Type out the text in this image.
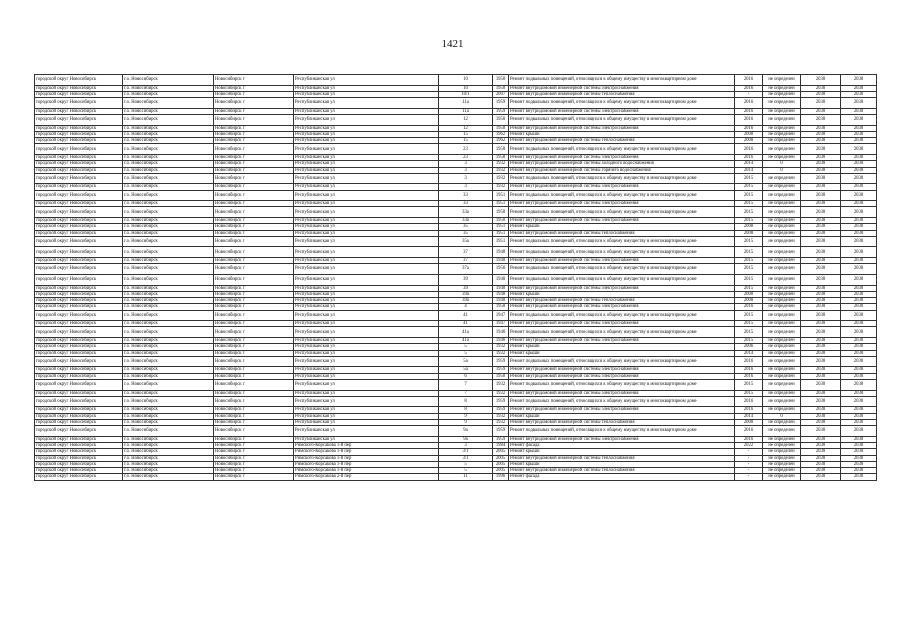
1421
городской округ Новосибирск	г.о. Новосибирск	Новосибирск г	Республиканская ул	10	1958	Ремонт подвальных помещений, относящихся к общему имуществу в многоквартирном доме	2016	не определен	2038	2038
городской округ Новосибирск	г.о. Новосибирск	Новосибирск г	Республиканская ул	10	1958	Ремонт внутридомовой инженерной системы электроснабжения	2016	не определен	2038	2038
городской округ Новосибирск	г.о. Новосибирск	Новосибирск г	Республиканская ул	10/1	2007	Ремонт внутридомовой инженерной системы теплоснабжения	-	не определен	2038	2038
городской округ Новосибирск	г.о. Новосибирск	Новосибирск г	Республиканская ул	11а	1959	Ремонт подвальных помещений, относящихся к общему имуществу в многоквартирном доме	2016	не определен	2038	2038
городской округ Новосибирск	г.о. Новосибирск	Новосибирск г	Республиканская ул	11а	1959	Ремонт внутридомовой инженерной системы электроснабжения	2016	не определен	2038	2038
городской округ Новосибирск	г.о. Новосибирск	Новосибирск г	Республиканская ул	12	1958	Ремонт подвальных помещений, относящихся к общему имуществу в многоквартирном доме	2016	не определен	2038	2038
городской округ Новосибирск	г.о. Новосибирск	Новосибирск г	Республиканская ул	12	1958	Ремонт внутридомовой инженерной системы электроснабжения	2016	не определен	2038	2038
городской округ Новосибирск	г.о. Новосибирск	Новосибирск г	Республиканская ул	15	1962	Ремонт крыши	2008	не определен	2038	2038
городской округ Новосибирск	г.о. Новосибирск	Новосибирск г	Республиканская ул	15	1962	Ремонт внутридомовой инженерной системы теплоснабжения	2008	не определен	2038	2038
городской округ Новосибирск	г.о. Новосибирск	Новосибирск г	Республиканская ул	23	1958	Ремонт подвальных помещений, относящихся к общему имуществу в многоквартирном доме	2016	не определен	2038	2038
городской округ Новосибирск	г.о. Новосибирск	Новосибирск г	Республиканская ул	23	1958	Ремонт внутридомовой инженерной системы электроснабжения	2016	не определен	2038	2038
городской округ Новосибирск	г.о. Новосибирск	Новосибирск г	Республиканская ул	3	1932	Ремонт внутридомовой инженерной системы холодного водоснабжения	2014	0	2038	2038
городской округ Новосибирск	г.о. Новосибирск	Новосибирск г	Республиканская ул	3	1932	Ремонт внутридомовой инженерной системы горячего водоснабжения	2014	0	2038	2038
городской округ Новосибирск	г.о. Новосибирск	Новосибирск г	Республиканская ул	3	1932	Ремонт подвальных помещений, относящихся к общему имуществу в многоквартирном доме	2015	не определен	2038	2038
городской округ Новосибирск	г.о. Новосибирск	Новосибирск г	Республиканская ул	3	1932	Ремонт внутридомовой инженерной системы электроснабжения	2015	не определен	2038	2038
городской округ Новосибирск	г.о. Новосибирск	Новосибирск г	Республиканская ул	33	1951	Ремонт подвальных помещений, относящихся к общему имуществу в многоквартирном доме	2015	не определен	2038	2038
городской округ Новосибирск	г.о. Новосибирск	Новосибирск г	Республиканская ул	33	1951	Ремонт внутридомовой инженерной системы электроснабжения	2015	не определен	2038	2038
городской округ Новосибирск	г.о. Новосибирск	Новосибирск г	Республиканская ул	33а	1950	Ремонт подвальных помещений, относящихся к общему имуществу в многоквартирном доме	2015	не определен	2038	2038
городской округ Новосибирск	г.о. Новосибирск	Новосибирск г	Республиканская ул	33а	1950	Ремонт внутридомовой инженерной системы электроснабжения	2015	не определен	2038	2038
городской округ Новосибирск	г.о. Новосибирск	Новосибирск г	Республиканская ул	35	1951	Ремонт крыши	2008	не определен	2038	2038
городской округ Новосибирск	г.о. Новосибирск	Новосибирск г	Республиканская ул	35	1951	Ремонт внутридомовой инженерной системы теплоснабжения	2008	не определен	2038	2038
городской округ Новосибирск	г.о. Новосибирск	Новосибирск г	Республиканская ул	35а	1951	Ремонт подвальных помещений, относящихся к общему имуществу в многоквартирном доме	2015	не определен	2038	2038
городской округ Новосибирск	г.о. Новосибирск	Новосибирск г	Республиканская ул	37	1948	Ремонт подвальных помещений, относящихся к общему имуществу в многоквартирном доме	2015	не определен	2038	2038
городской округ Новосибирск	г.о. Новосибирск	Новосибирск г	Республиканская ул	37	1948	Ремонт внутридомовой инженерной системы электроснабжения	2015	не определен	2038	2038
городской округ Новосибирск	г.о. Новосибирск	Новосибирск г	Республиканская ул	37а	1956	Ремонт подвальных помещений, относящихся к общему имуществу в многоквартирном доме	2015	не определен	2038	2038
городской округ Новосибирск	г.о. Новосибирск	Новосибирск г	Республиканская ул	39	1948	Ремонт подвальных помещений, относящихся к общему имуществу в многоквартирном доме	2015	не определен	2038	2038
городской округ Новосибирск	г.о. Новосибирск	Новосибирск г	Республиканская ул	39	1948	Ремонт внутридомовой инженерной системы электроснабжения	2015	не определен	2038	2038
городской округ Новосибирск	г.о. Новосибирск	Новосибирск г	Республиканская ул	39а	1948	Ремонт крыши	2008	не определен	2038	2038
городской округ Новосибирск	г.о. Новосибирск	Новосибирск г	Республиканская ул	39а	1948	Ремонт внутридомовой инженерной системы теплоснабжения	2008	не определен	2038	2038
городской округ Новосибирск	г.о. Новосибирск	Новосибирск г	Республиканская ул	4	1958	Ремонт внутридомовой инженерной системы электроснабжения	2016	не определен	2038	2038
городской округ Новосибирск	г.о. Новосибирск	Новосибирск г	Республиканская ул	41	1947	Ремонт подвальных помещений, относящихся к общему имуществу в многоквартирном доме	2015	не определен	2038	2038
городской округ Новосибирск	г.о. Новосибирск	Новосибирск г	Республиканская ул	41	1947	Ремонт внутридомовой инженерной системы электроснабжения	2015	не определен	2038	2038
городской округ Новосибирск	г.о. Новосибирск	Новосибирск г	Республиканская ул	41а	1946	Ремонт подвальных помещений, относящихся к общему имуществу в многоквартирном доме	2015	не определен	2038	2038
городской округ Новосибирск	г.о. Новосибирск	Новосибирск г	Республиканская ул	41а	1946	Ремонт внутридомовой инженерной системы электроснабжения	2015	не определен	2038	2038
городской округ Новосибирск	г.о. Новосибирск	Новосибирск г	Республиканская ул	5	1932	Ремонт крыши	2006	не определен	2038	2038
городской округ Новосибирск	г.о. Новосибирск	Новосибирск г	Республиканская ул	5	1932	Ремонт крыши	2014	не определен	2038	2038
городской округ Новосибирск	г.о. Новосибирск	Новосибирск г	Республиканская ул	5а	1959	Ремонт подвальных помещений, относящихся к общему имуществу в многоквартирном доме	2016	не определен	2038	2038
городской округ Новосибирск	г.о. Новосибирск	Новосибирск г	Республиканская ул	5а	1959	Ремонт внутридомовой инженерной системы электроснабжения	2016	не определен	2038	2038
городской округ Новосибирск	г.о. Новосибирск	Новосибирск г	Республиканская ул	6	1958	Ремонт внутридомовой инженерной системы электроснабжения	2016	не определен	2038	2038
городской округ Новосибирск	г.о. Новосибирск	Новосибирск г	Республиканская ул	7	1932	Ремонт подвальных помещений, относящихся к общему имуществу в многоквартирном доме	2015	не определен	2038	2038
городской округ Новосибирск	г.о. Новосибирск	Новосибирск г	Республиканская ул	7	1932	Ремонт внутридомовой инженерной системы электроснабжения	2015	не определен	2038	2038
городской округ Новосибирск	г.о. Новосибирск	Новосибирск г	Республиканская ул	8	1959	Ремонт подвальных помещений, относящихся к общему имуществу в многоквартирном доме	2016	не определен	2038	2038
городской округ Новосибирск	г.о. Новосибирск	Новосибирск г	Республиканская ул	8	1959	Ремонт внутридомовой инженерной системы электроснабжения	2016	не определен	2038	2038
городской округ Новосибирск	г.о. Новосибирск	Новосибирск г	Республиканская ул	9	1932	Ремонт крыши	2014	0	2038	2038
городской округ Новосибирск	г.о. Новосибирск	Новосибирск г	Республиканская ул	9	1932	Ремонт внутридомовой инженерной системы теплоснабжения	2008	не определен	2038	2038
городской округ Новосибирск	г.о. Новосибирск	Новосибирск г	Республиканская ул	9а	1959	Ремонт подвальных помещений, относящихся к общему имуществу в многоквартирном доме	2016	не определен	2038	2038
городской округ Новосибирск	г.о. Новосибирск	Новосибирск г	Республиканская ул	9а	1959	Ремонт внутридомовой инженерной системы электроснабжения	2016	не определен	2038	2038
городской округ Новосибирск	г.о. Новосибирск	Новосибирск г	Римского-Корсакова 1-й пер	3	1984	Ремонт фасада	2022	не определен	2038	2038
городской округ Новосибирск	г.о. Новосибирск	Новосибирск г	Римского-Корсакова 1-й пер	3/1	2005	Ремонт крыши	-	не определен	2038	2038
городской округ Новосибирск	г.о. Новосибирск	Новосибирск г	Римского-Корсакова 1-й пер	3/1	2005	Ремонт внутридомовой инженерной системы теплоснабжения	-	не определен	2038	2038
городской округ Новосибирск	г.о. Новосибирск	Новосибирск г	Римского-Корсакова 1-й пер	5	2005	Ремонт крыши	-	не определен	2038	2038
городской округ Новосибирск	г.о. Новосибирск	Новосибирск г	Римского-Корсакова 1-й пер	5	2005	Ремонт внутридомовой инженерной системы теплоснабжения	-	не определен	2038	2038
городской округ Новосибирск	г.о. Новосибирск	Новосибирск г	Римского-Корсакова 2-й пер	11	1996	Ремонт фасада	-	не определен	2038	2038
